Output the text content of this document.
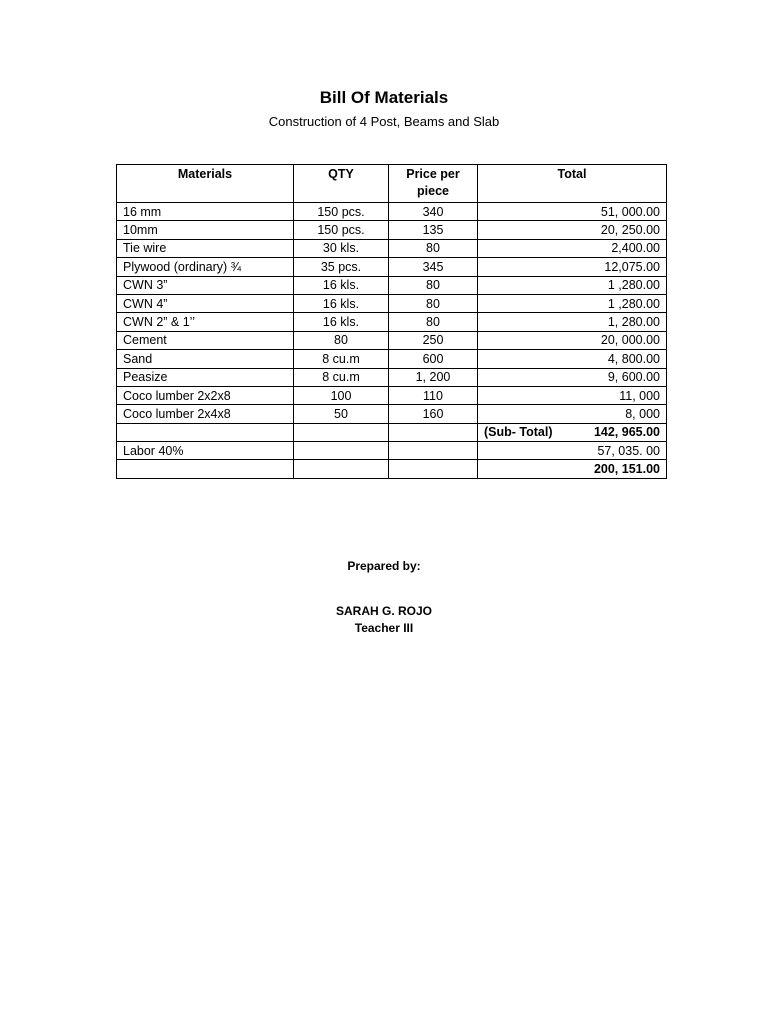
Bill Of Materials
Construction of 4 Post, Beams and Slab
Materials	QTY	Price per piece	Total
16 mm	150 pcs.	340	51, 000.00
10mm	150 pcs.	135	20, 250.00
Tie wire	30 kls.	80	2,400.00
Plywood (ordinary) ¾	35 pcs.	345	12,075.00
CWN 3”	16 kls.	80	1 ,280.00
CWN 4”	16 kls.	80	1 ,280.00
CWN 2” & 1’’	16 kls.	80	1, 280.00
Cement	80	250	20, 000.00
Sand	8 cu.m	600	4, 800.00
Peasize	8 cu.m	1, 200	9, 600.00
Coco lumber 2x2x8	100	110	11, 000
Coco lumber 2x4x8	50	160	8, 000

			(Sub- Total) 142, 965.00

Labor 40%			57, 035. 00
			200, 151.00
Prepared by:
SARAH G. ROJO
Teacher III
